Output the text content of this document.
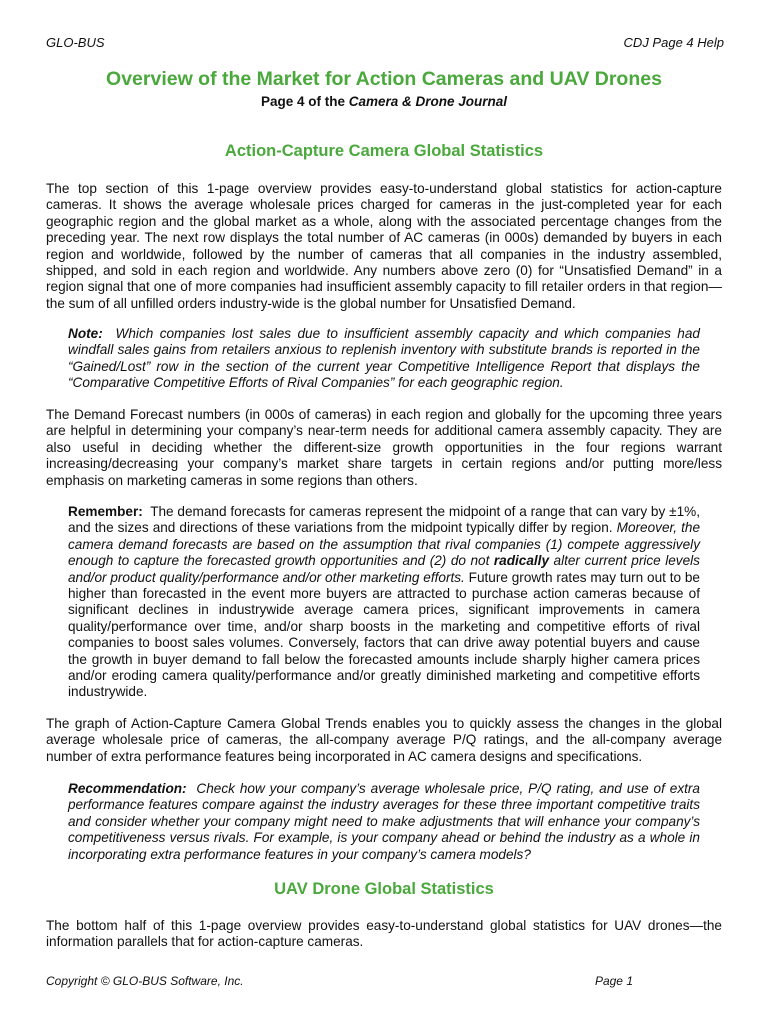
GLO-BUS	CDJ Page 4 Help
Overview of the Market for Action Cameras and UAV Drones
Page 4 of the Camera & Drone Journal
Action-Capture Camera Global Statistics

The top section of this 1-page overview provides easy-to-understand global statistics for action-capture cameras. It shows the average wholesale prices charged for cameras in the just-completed year for each geographic region and the global market as a whole, along with the associated percentage changes from the preceding year. The next row displays the total number of AC cameras (in 000s) demanded by buyers in each region and worldwide, followed by the number of cameras that all companies in the industry assembled, shipped, and sold in each region and worldwide. Any numbers above zero (0) for “Unsatisfied Demand” in a region signal that one of more companies had insufficient assembly capacity to fill retailer orders in that region—the sum of all unfilled orders industry-wide is the global number for Unsatisfied Demand.

Note: Which companies lost sales due to insufficient assembly capacity and which companies had windfall sales gains from retailers anxious to replenish inventory with substitute brands is reported in the “Gained/Lost” row in the section of the current year Competitive Intelligence Report that displays the “Comparative Competitive Efforts of Rival Companies” for each geographic region.

The Demand Forecast numbers (in 000s of cameras) in each region and globally for the upcoming three years are helpful in determining your company’s near-term needs for additional camera assembly capacity. They are also useful in deciding whether the different-size growth opportunities in the four regions warrant increasing/decreasing your company’s market share targets in certain regions and/or putting more/less emphasis on marketing cameras in some regions than others.

Remember: The demand forecasts for cameras represent the midpoint of a range that can vary by ±1%, and the sizes and directions of these variations from the midpoint typically differ by region. Moreover, the camera demand forecasts are based on the assumption that rival companies (1) compete aggressively enough to capture the forecasted growth opportunities and (2) do not radically alter current price levels and/or product quality/performance and/or other marketing efforts. Future growth rates may turn out to be higher than forecasted in the event more buyers are attracted to purchase action cameras because of significant declines in industrywide average camera prices, significant improvements in camera quality/performance over time, and/or sharp boosts in the marketing and competitive efforts of rival companies to boost sales volumes. Conversely, factors that can drive away potential buyers and cause the growth in buyer demand to fall below the forecasted amounts include sharply higher camera prices and/or eroding camera quality/performance and/or greatly diminished marketing and competitive efforts industrywide.

The graph of Action-Capture Camera Global Trends enables you to quickly assess the changes in the global average wholesale price of cameras, the all-company average P/Q ratings, and the all-company average number of extra performance features being incorporated in AC camera designs and specifications.

Recommendation: Check how your company’s average wholesale price, P/Q rating, and use of extra performance features compare against the industry averages for these three important competitive traits and consider whether your company might need to make adjustments that will enhance your company’s competitiveness versus rivals. For example, is your company ahead or behind the industry as a whole in incorporating extra performance features in your company’s camera models?

UAV Drone Global Statistics

The bottom half of this 1-page overview provides easy-to-understand global statistics for UAV drones—the information parallels that for action-capture cameras.

Copyright © GLO-BUS Software, Inc.	Page 1
